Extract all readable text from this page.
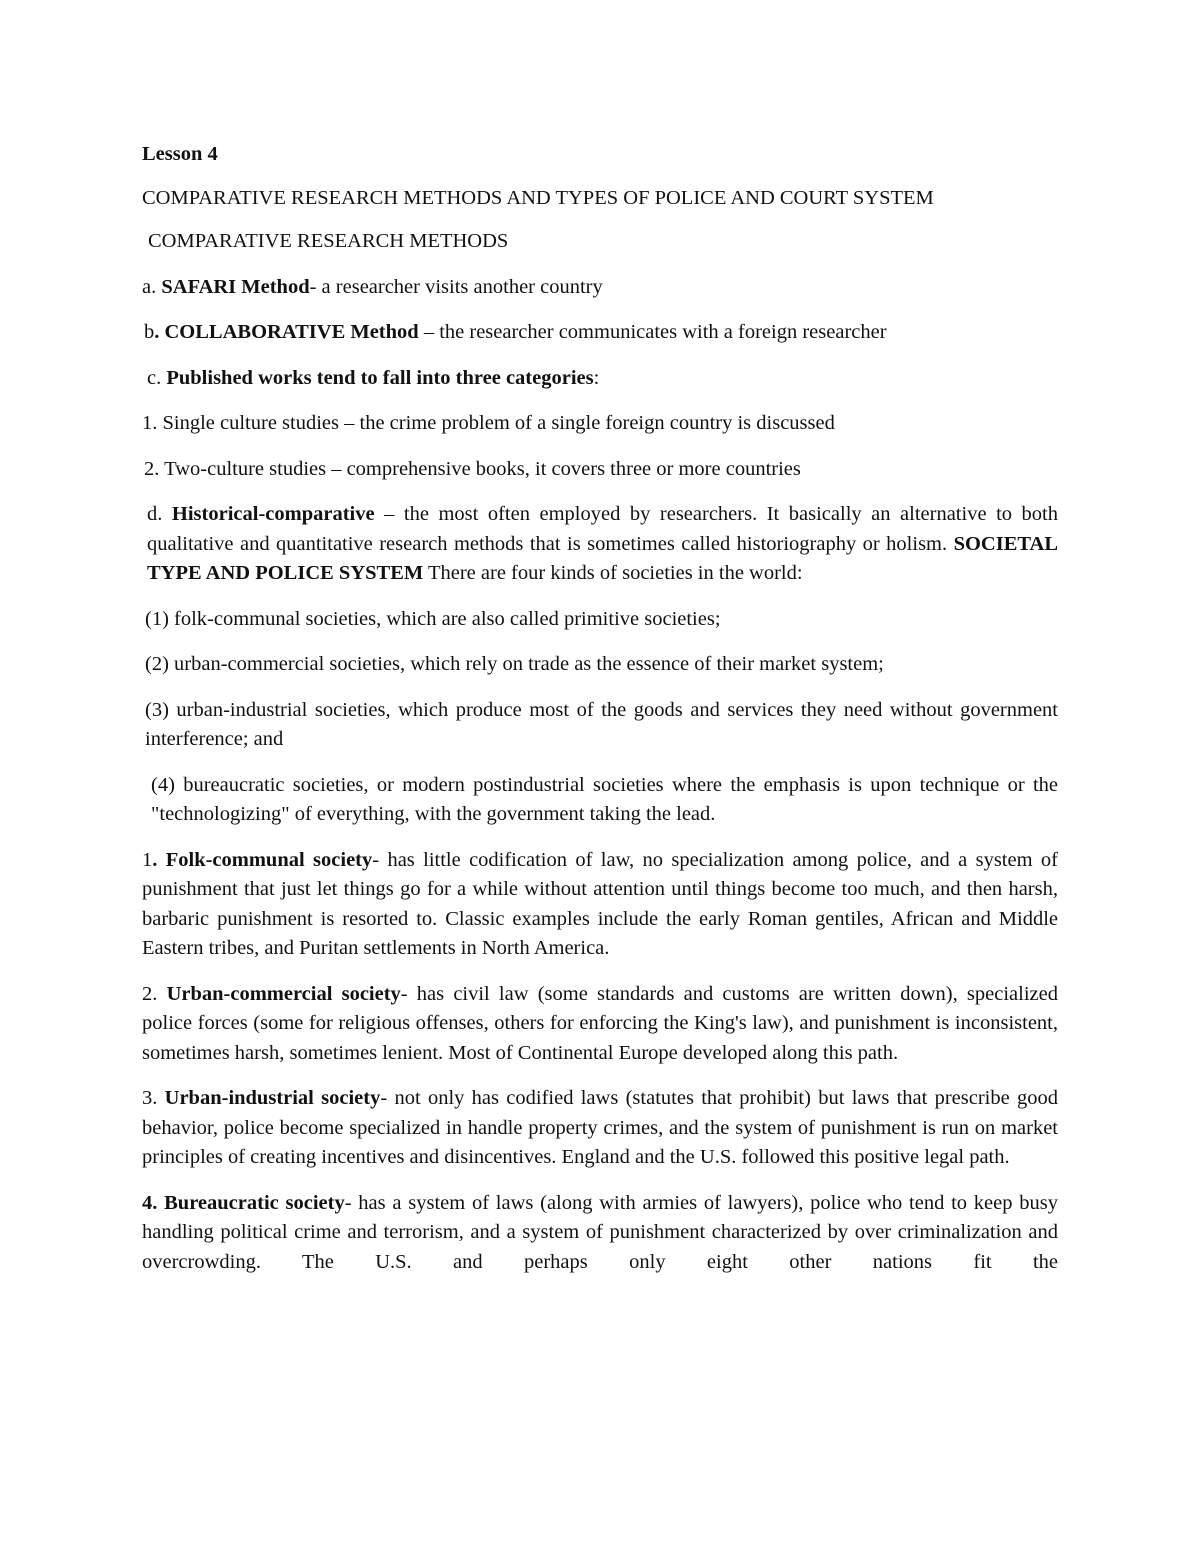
Lesson 4

COMPARATIVE RESEARCH METHODS AND TYPES OF POLICE AND COURT SYSTEM

COMPARATIVE RESEARCH METHODS

a. SAFARI Method- a researcher visits another country

b. COLLABORATIVE Method – the researcher communicates with a foreign researcher

c. Published works tend to fall into three categories:

1. Single culture studies – the crime problem of a single foreign country is discussed

2. Two-culture studies – comprehensive books, it covers three or more countries

d. Historical-comparative – the most often employed by researchers. It basically an alternative to both qualitative and quantitative research methods that is sometimes called historiography or holism. SOCIETAL TYPE AND POLICE SYSTEM There are four kinds of societies in the world:

(1) folk-communal societies, which are also called primitive societies;

(2) urban-commercial societies, which rely on trade as the essence of their market system;

(3) urban-industrial societies, which produce most of the goods and services they need without government interference; and

(4) bureaucratic societies, or modern postindustrial societies where the emphasis is upon technique or the "technologizing" of everything, with the government taking the lead.

1. Folk-communal society- has little codification of law, no specialization among police, and a system of punishment that just let things go for a while without attention until things become too much, and then harsh, barbaric punishment is resorted to. Classic examples include the early Roman gentiles, African and Middle Eastern tribes, and Puritan settlements in North America.

2. Urban-commercial society- has civil law (some standards and customs are written down), specialized police forces (some for religious offenses, others for enforcing the King's law), and punishment is inconsistent, sometimes harsh, sometimes lenient. Most of Continental Europe developed along this path.

3. Urban-industrial society- not only has codified laws (statutes that prohibit) but laws that prescribe good behavior, police become specialized in handle property crimes, and the system of punishment is run on market principles of creating incentives and disincentives. England and the U.S. followed this positive legal path.

4. Bureaucratic society- has a system of laws (along with armies of lawyers), police who tend to keep busy handling political crime and terrorism, and a system of punishment characterized by over criminalization and overcrowding. The U.S. and perhaps only eight other nations fit the
